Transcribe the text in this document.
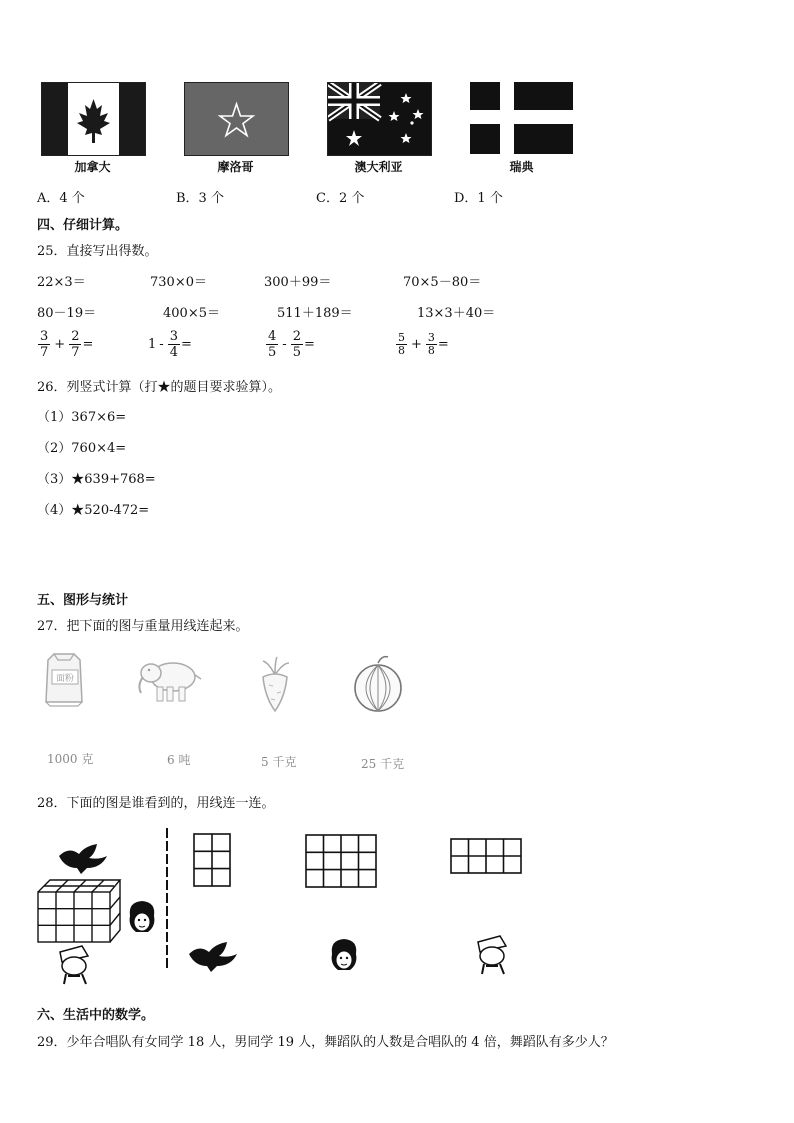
加拿大	摩洛哥	澳大利亚	瑞典
A．4 个	B．3 个	C．2 个	D．1 个
四、仔细计算。
25．直接写出得数。
22×3＝	730×0＝	300＋99＝	70×5－80＝
80－19＝	400×5＝	511＋189＝	13×3＋40＝
$\frac{3}{7} + \frac{2}{7}$ =	$1 - \frac{3}{4}$ =	$\frac{4}{5} - \frac{2}{5}$ =	$\frac{5}{8} + \frac{3}{8}$ =
26．列竖式计算（打★的题目要求验算）。
（1）367×6=
（2）760×4=
（3）★639+768=
（4）★520-472=
五、图形与统计
27．把下面的图与重量用线连起来。
面粉
1000 克	6 吨	5 千克	25 千克
28．下面的图是谁看到的，用线连一连。
六、生活中的数学。
29．少年合唱队有女同学 18 人，男同学 19 人，舞蹈队的人数是合唱队的 4 倍，舞蹈队有多少人？
